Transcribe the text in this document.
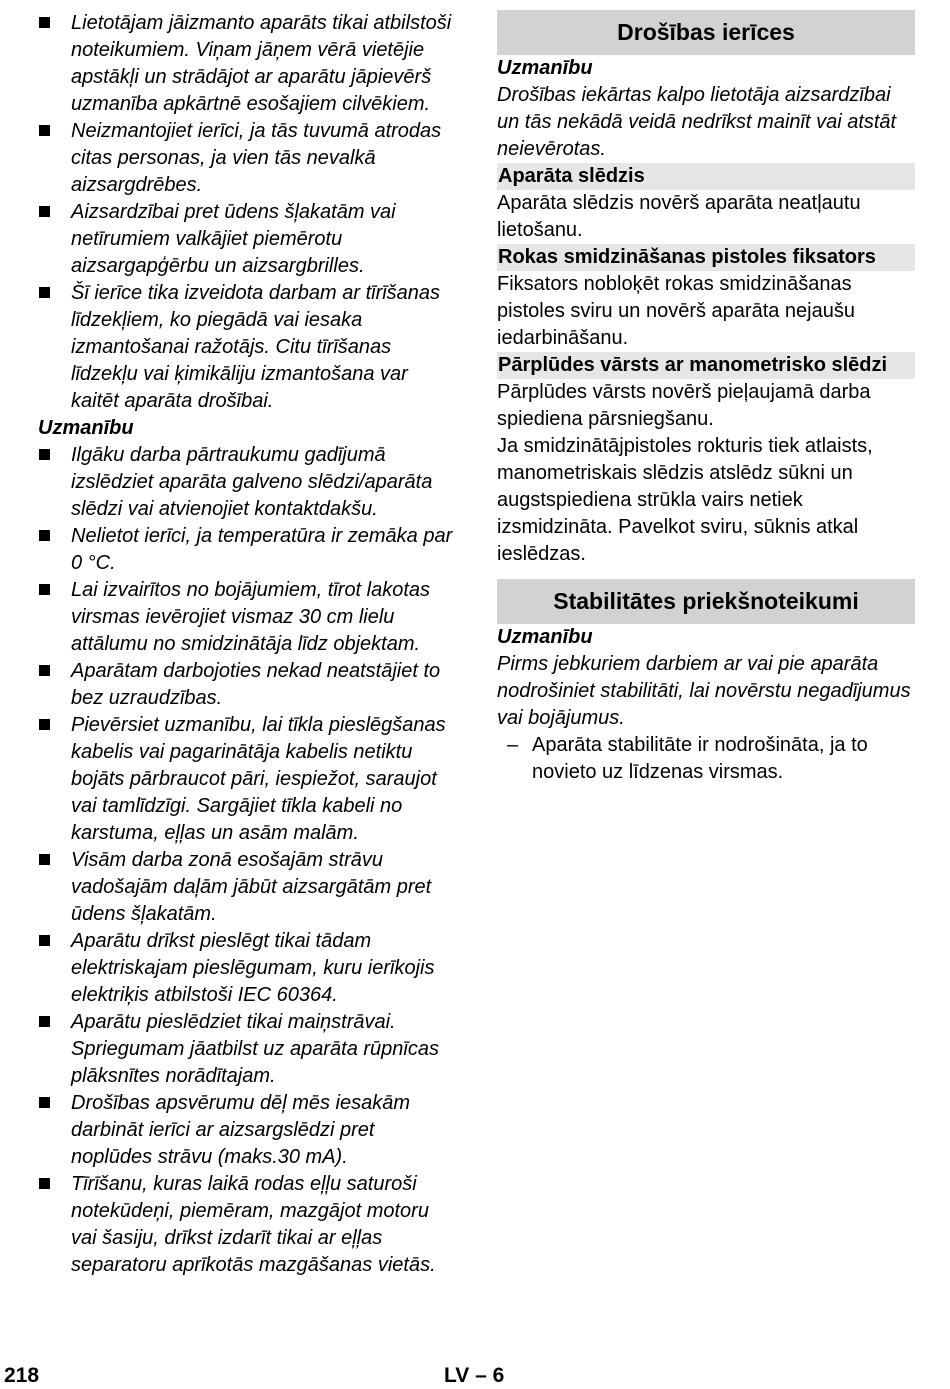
Lietotājam jāizmanto aparāts tikai atbilstoši noteikumiem. Viņam jāņem vērā vietējie apstākļi un strādājot ar aparātu jāpievērš uzmanība apkārtnē esošajiem cilvēkiem.
Neizmantojiet ierīci, ja tās tuvumā atrodas citas personas, ja vien tās nevalkā aizsargdrēbes.
Aizsardzībai pret ūdens šļakatām vai netīrumiem valkājiet piemērotu aizsargapģērbu un aizsargbrilles.
Šī ierīce tika izveidota darbam ar tīrīšanas līdzekļiem, ko piegādā vai iesaka izmantošanai ražotājs. Citu tīrīšanas līdzekļu vai ķimikāliju izmantošana var kaitēt aparāta drošībai.
Uzmanību
Ilgāku darba pārtraukumu gadījumā izslēdziet aparāta galveno slēdzi/aparāta slēdzi vai atvienojiet kontaktdakšu.
Nelietot ierīci, ja temperatūra ir zemāka par 0 °C.
Lai izvairītos no bojājumiem, tīrot lakotas virsmas ievērojiet vismaz 30 cm lielu attālumu no smidzinātāja līdz objektam.
Aparātam darbojoties nekad neatstājiet to bez uzraudzības.
Pievērsiet uzmanību, lai tīkla pieslēgšanas kabelis vai pagarinātāja kabelis netiktu bojāts pārbraucot pāri, iespiežot, saraujot vai tamlīdzīgi. Sargājiet tīkla kabeli no karstuma, eļļas un asām malām.
Visām darba zonā esošajām strāvu vadošajām daļām jābūt aizsargātām pret ūdens šļakatām.
Aparātu drīkst pieslēgt tikai tādam elektriskajam pieslēgumam, kuru ierīkojis elektriķis atbilstoši IEC 60364.
Aparātu pieslēdziet tikai maiņstrāvai. Spriegumam jāatbilst uz aparāta rūpnīcas plāksnītes norādītajam.
Drošības apsvērumu dēļ mēs iesakām darbināt ierīci ar aizsargslēdzi pret noplūdes strāvu (maks.30 mA).
Tīrīšanu, kuras laikā rodas eļļu saturoši notekūdeņi, piemēram, mazgājot motoru vai šasiju, drīkst izdarīt tikai ar eļļas separatoru aprīkotās mazgāšanas vietās.
Drošības ierīces
Uzmanību
Drošības iekārtas kalpo lietotāja aizsardzībai un tās nekādā veidā nedrīkst mainīt vai atstāt neievērotas.
Aparāta slēdzis
Aparāta slēdzis novērš aparāta neatļautu lietošanu.
Rokas smidzināšanas pistoles fiksators
Fiksators nobloķēt rokas smidzināšanas pistoles sviru un novērš aparāta nejaušu iedarbināšanu.
Pārplūdes vārsts ar manometrisko slēdzi
Pārplūdes vārsts novērš pieļaujamā darba spiediena pārsniegšanu.
Ja smidzinātājpistoles rokturis tiek atlaists, manometriskais slēdzis atslēdz sūkni un augstspiediena strūkla vairs netiek izsmidzināta. Pavelkot sviru, sūknis atkal ieslēdzas.
Stabilitātes priekšnoteikumi
Uzmanību
Pirms jebkuriem darbiem ar vai pie aparāta nodrošiniet stabilitāti, lai novērstu negadījumus vai bojājumus.
– Aparāta stabilitāte ir nodrošināta, ja to novieto uz līdzenas virsmas.
218	LV – 6
